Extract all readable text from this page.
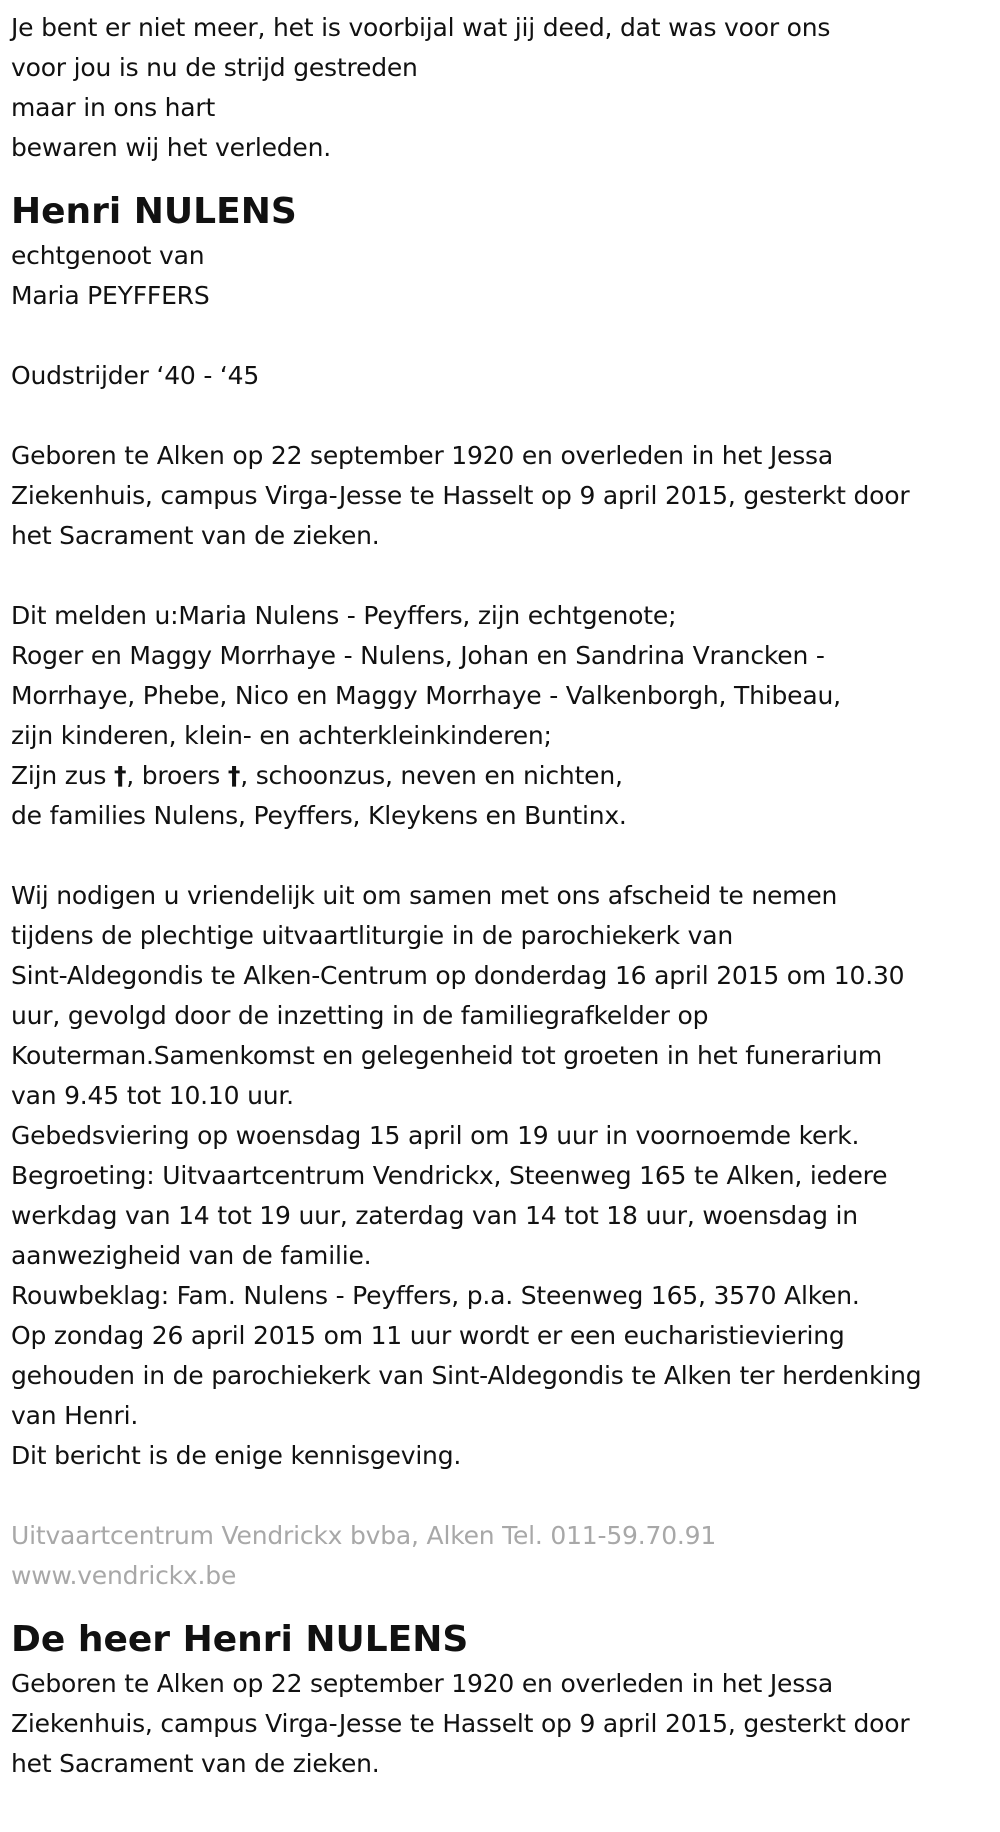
Je bent er niet meer, het is voorbijal wat jij deed, dat was voor ons
voor jou is nu de strijd gestreden
maar in ons hart
bewaren wij het verleden.
Henri NULENS
echtgenoot van
Maria PEYFFERS
Oudstrijder ‘40 - ‘45
Geboren te Alken op 22 september 1920 en overleden in het Jessa
Ziekenhuis, campus Virga-Jesse te Hasselt op 9 april 2015, gesterkt door
het Sacrament van de zieken.
Dit melden u:Maria Nulens - Peyffers, zijn echtgenote;
Roger en Maggy Morrhaye - Nulens, Johan en Sandrina Vrancken -
Morrhaye, Phebe, Nico en Maggy Morrhaye - Valkenborgh, Thibeau,
zijn kinderen, klein- en achterkleinkinderen;
Zijn zus †, broers †, schoonzus, neven en nichten,
de families Nulens, Peyffers, Kleykens en Buntinx.
Wij nodigen u vriendelijk uit om samen met ons afscheid te nemen
tijdens de plechtige uitvaartliturgie in de parochiekerk van
Sint-Aldegondis te Alken-Centrum op donderdag 16 april 2015 om 10.30
uur, gevolgd door de inzetting in de familiegrafkelder op
Kouterman.Samenkomst en gelegenheid tot groeten in het funerarium
van 9.45 tot 10.10 uur.
Gebedsviering op woensdag 15 april om 19 uur in voornoemde kerk.
Begroeting: Uitvaartcentrum Vendrickx, Steenweg 165 te Alken, iedere
werkdag van 14 tot 19 uur, zaterdag van 14 tot 18 uur, woensdag in
aanwezigheid van de familie.
Rouwbeklag: Fam. Nulens - Peyffers, p.a. Steenweg 165, 3570 Alken.
Op zondag 26 april 2015 om 11 uur wordt er een eucharistieviering
gehouden in de parochiekerk van Sint-Aldegondis te Alken ter herdenking
van Henri.
Dit bericht is de enige kennisgeving.
Uitvaartcentrum Vendrickx bvba, Alken Tel. 011-59.70.91
www.vendrickx.be
De heer Henri NULENS
Geboren te Alken op 22 september 1920 en overleden in het Jessa
Ziekenhuis, campus Virga-Jesse te Hasselt op 9 april 2015, gesterkt door
het Sacrament van de zieken.
